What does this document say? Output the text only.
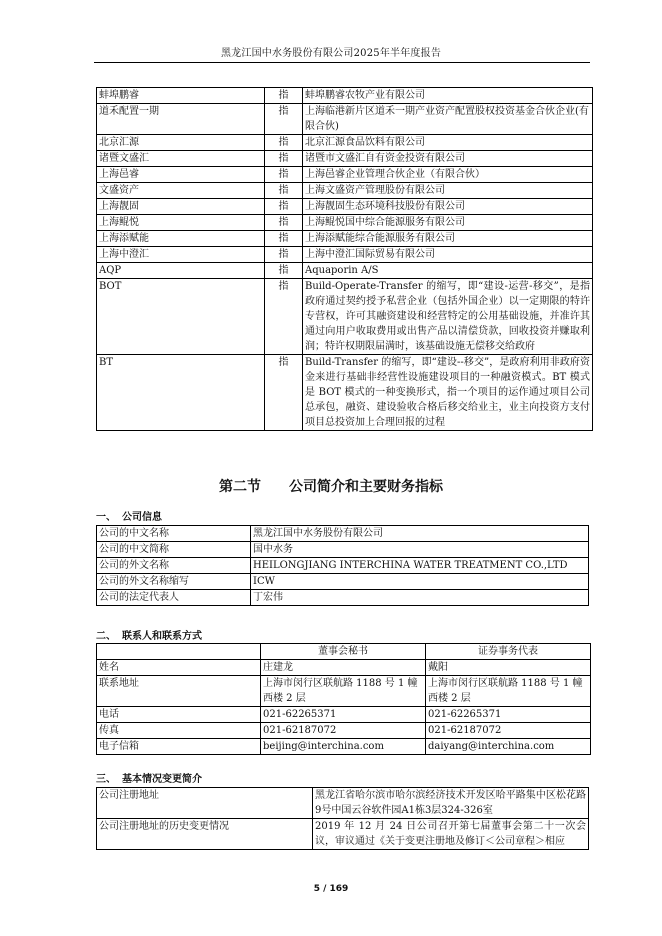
黑龙江国中水务股份有限公司2025年半年度报告
蚌埠鹏睿	指	蚌埠鹏睿农牧产业有限公司
道禾配置一期	指	上海临港新片区道禾一期产业资产配置股权投资基金合伙企业(有限合伙)
北京汇源	指	北京汇源食品饮料有限公司
诸暨文盛汇	指	诸暨市文盛汇自有资金投资有限公司
上海邑睿	指	上海邑睿企业管理合伙企业（有限合伙）
文盛资产	指	上海文盛资产管理股份有限公司
上海靓固	指	上海靓固生态环境科技股份有限公司
上海鲲悦	指	上海鲲悦国中综合能源服务有限公司
上海添赋能	指	上海添赋能综合能源服务有限公司
上海中澄汇	指	上海中澄汇国际贸易有限公司
AQP	指	Aquaporin A/S
BOT	指	Build-Operate-Transfer 的缩写，即“建设-运营-移交”，是指政府通过契约授予私营企业（包括外国企业）以一定期限的特许专营权，许可其融资建设和经营特定的公用基础设施，并准许其通过向用户收取费用或出售产品以清偿贷款，回收投资并赚取利润；特许权期限届满时，该基础设施无偿移交给政府
BT	指	Build-Transfer 的缩写，即“建设--移交”，是政府利用非政府资金来进行基础非经营性设施建设项目的一种融资模式。BT 模式是 BOT 模式的一种变换形式，指一个项目的运作通过项目公司总承包，融资、建设验收合格后移交给业主，业主向投资方支付项目总投资加上合理回报的过程
第二节 公司简介和主要财务指标
一、 公司信息
公司的中文名称	黑龙江国中水务股份有限公司
公司的中文简称	国中水务
公司的外文名称	HEILONGJIANG INTERCHINA WATER TREATMENT CO.,LTD
公司的外文名称缩写	ICW
公司的法定代表人	丁宏伟
二、 联系人和联系方式
	董事会秘书	证券事务代表
姓名	庄建龙	戴阳
联系地址	上海市闵行区联航路 1188 号 1 幢西楼 2 层	上海市闵行区联航路 1188 号 1 幢西楼 2 层
电话	021-62265371	021-62265371
传真	021-62187072	021-62187072
电子信箱	beijing@interchina.com	daiyang@interchina.com
三、 基本情况变更简介
公司注册地址	黑龙江省哈尔滨市哈尔滨经济技术开发区哈平路集中区松花路9号中国云谷软件园A1栋3层324-326室
公司注册地址的历史变更情况	2019 年 12 月 24 日公司召开第七届董事会第二十一次会议，审议通过《关于变更注册地及修订＜公司章程＞相应
5 / 169
